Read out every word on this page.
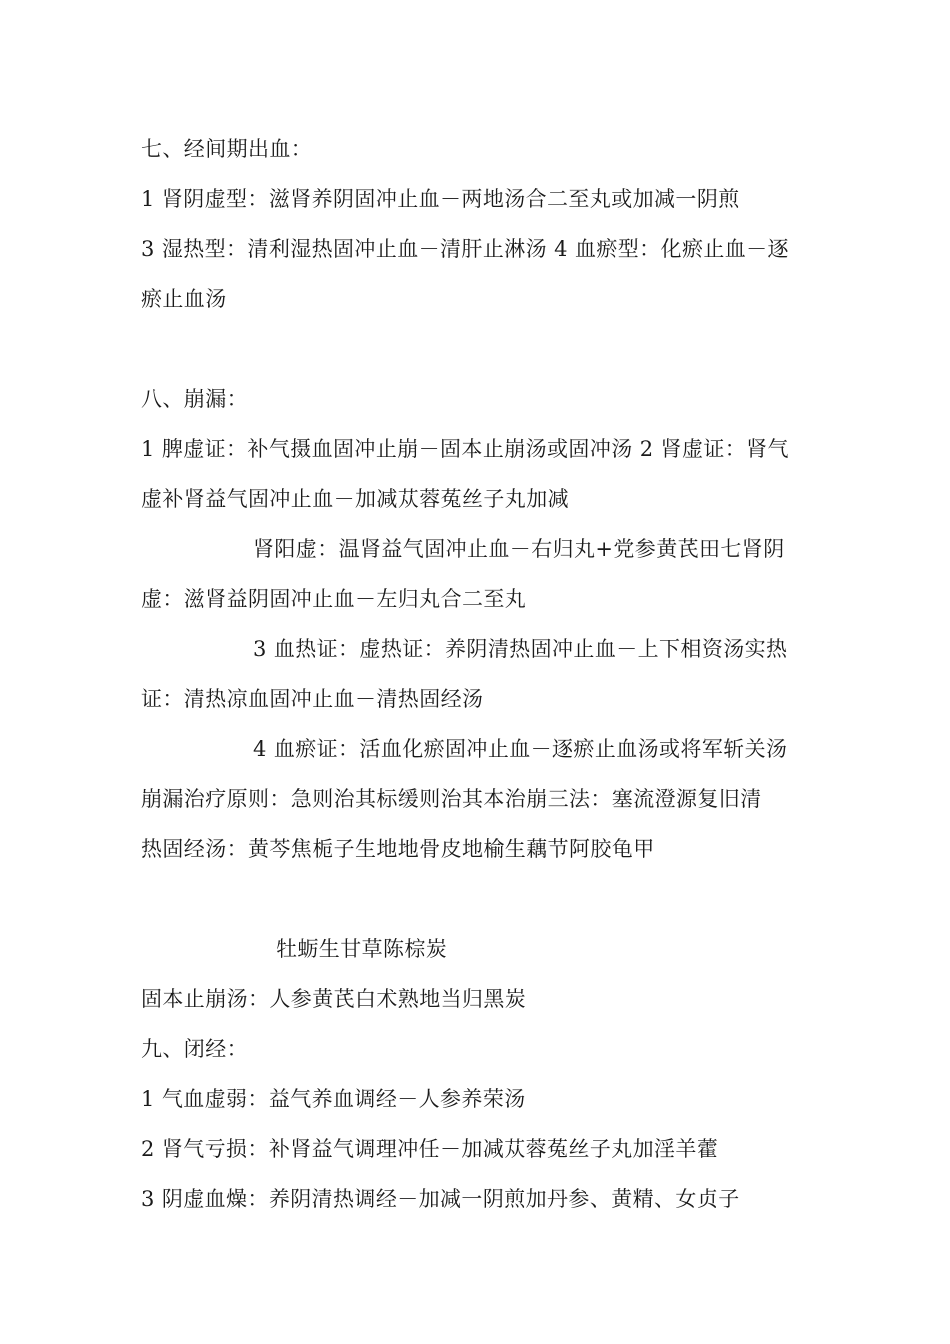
七、经间期出血：
1 肾阴虚型：滋肾养阴固冲止血－两地汤合二至丸或加减一阴煎
3 湿热型：清利湿热固冲止血－清肝止淋汤 4 血瘀型：化瘀止血－逐
瘀止血汤
八、崩漏：
1 脾虚证：补气摄血固冲止崩－固本止崩汤或固冲汤 2 肾虚证：肾气
虚补肾益气固冲止血－加减苁蓉菟丝子丸加减
肾阳虚：温肾益气固冲止血－右归丸+党参黄芪田七肾阴
虚：滋肾益阴固冲止血－左归丸合二至丸
3 血热证：虚热证：养阴清热固冲止血－上下相资汤实热
证：清热凉血固冲止血－清热固经汤
4 血瘀证：活血化瘀固冲止血－逐瘀止血汤或将军斩关汤
崩漏治疗原则：急则治其标缓则治其本治崩三法：塞流澄源复旧清
热固经汤：黄芩焦栀子生地地骨皮地榆生藕节阿胶龟甲
牡蛎生甘草陈棕炭
固本止崩汤：人参黄芪白术熟地当归黑炭
九、闭经：
1 气血虚弱：益气养血调经－人参养荣汤
2 肾气亏损：补肾益气调理冲任－加减苁蓉菟丝子丸加淫羊藿
3 阴虚血燥：养阴清热调经－加减一阴煎加丹参、黄精、女贞子
